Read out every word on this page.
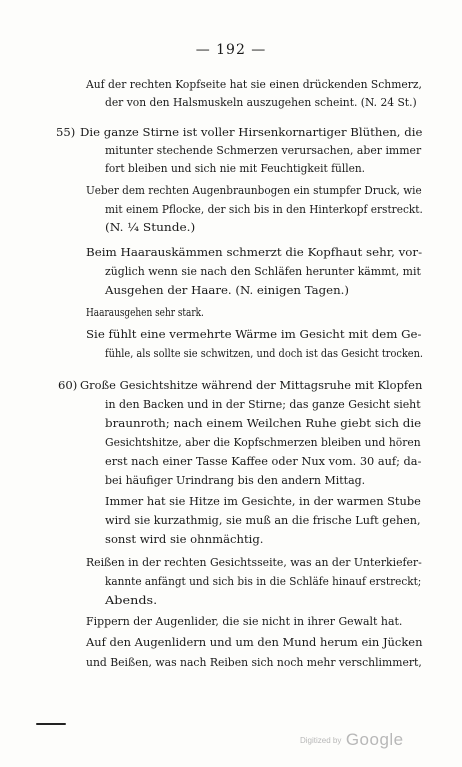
— 192 —
Auf der rechten Kopfseite hat sie einen drückenden Schmerz,
der von den Halsmuskeln auszugehen scheint. (N. 24 St.)
55) Die ganze Stirne ist voller Hirsenkornartiger Blüthen, die
mitunter stechende Schmerzen verursachen, aber immer
fort bleiben und sich nie mit Feuchtigkeit füllen.
Ueber dem rechten Augenbraunbogen ein stumpfer Druck, wie
mit einem Pflocke, der sich bis in den Hinterkopf erstreckt.
(N. ¼ Stunde.)
Beim Haarauskämmen schmerzt die Kopfhaut sehr, vor-
züglich wenn sie nach den Schläfen herunter kämmt, mit
Ausgehen der Haare. (N. einigen Tagen.)
Haarausgehen sehr stark.
Sie fühlt eine vermehrte Wärme im Gesicht mit dem Ge-
fühle, als sollte sie schwitzen, und doch ist das Gesicht trocken.
60) Große Gesichtshitze während der Mittagsruhe mit Klopfen
in den Backen und in der Stirne; das ganze Gesicht sieht
braunroth; nach einem Weilchen Ruhe giebt sich die
Gesichtshitze, aber die Kopfschmerzen bleiben und hören
erst nach einer Tasse Kaffee oder Nux vom. 30 auf; da-
bei häufiger Urindrang bis den andern Mittag.
Immer hat sie Hitze im Gesichte, in der warmen Stube
wird sie kurzathmig, sie muß an die frische Luft gehen,
sonst wird sie ohnmächtig.
Reißen in der rechten Gesichtsseite, was an der Unterkiefer-
kannte anfängt und sich bis in die Schläfe hinauf erstreckt;
Abends.
Fippern der Augenlider, die sie nicht in ihrer Gewalt hat.
Auf den Augenlidern und um den Mund herum ein Jücken
und Beißen, was nach Reiben sich noch mehr verschlimmert,
Digitized by Google
